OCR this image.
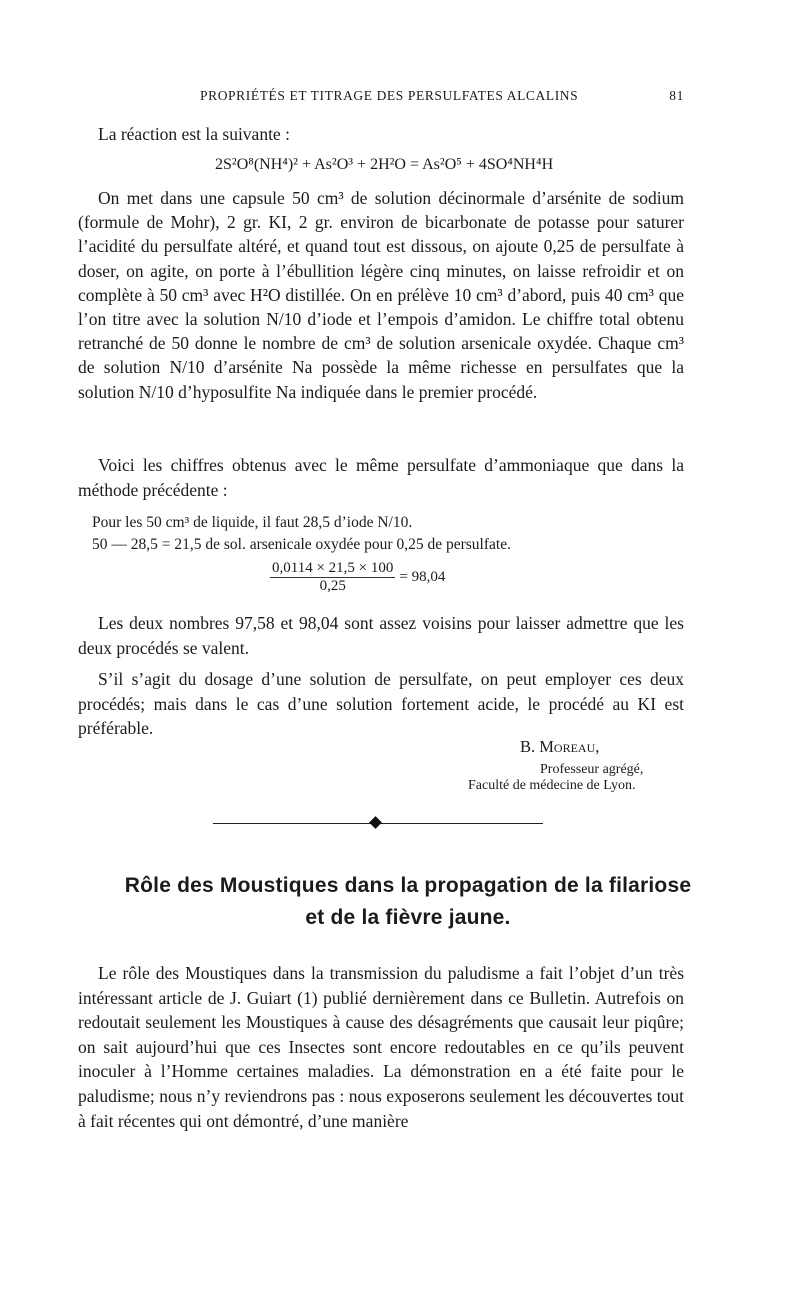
PROPRIÉTÉS ET TITRAGE DES PERSULFATES ALCALINS	81

La réaction est la suivante :

2S²O⁸(NH⁴)² + As²O³ + 2H²O = As²O⁵ + 4SO⁴NH⁴H

On met dans une capsule 50 cm³ de solution décinormale d’arsénite de sodium (formule de Mohr), 2 gr. KI, 2 gr. environ de bicarbonate de potasse pour saturer l’acidité du persulfate altéré, et quand tout est dissous, on ajoute 0,25 de persulfate à doser, on agite, on porte à l’ébullition légère cinq minutes, on laisse refroidir et on complète à 50 cm³ avec H²O distillée. On en prélève 10 cm³ d’abord, puis 40 cm³ que l’on titre avec la solution N/10 d’iode et l’empois d’amidon. Le chiffre total obtenu retranché de 50 donne le nombre de cm³ de solution arsenicale oxydée. Chaque cm³ de solution N/10 d’arsénite Na possède la même richesse en persulfates que la solution N/10 d’hyposulfite Na indiquée dans le premier procédé.

Voici les chiffres obtenus avec le même persulfate d’ammoniaque que dans la méthode précédente :

Pour les 50 cm³ de liquide, il faut 28,5 d’iode N/10.

50 — 28,5 = 21,5 de sol. arsenicale oxydée pour 0,25 de persulfate.

$\frac{0,0114 \times 21,5 \times 100}{0,25} = 98,04$

Les deux nombres 97,58 et 98,04 sont assez voisins pour laisser admettre que les deux procédés se valent.

S’il s’agit du dosage d’une solution de persulfate, on peut employer ces deux procédés; mais dans le cas d’une solution fortement acide, le procédé au KI est préférable.

B. Moreau,
Professeur agrégé,
Faculté de médecine de Lyon.
Rôle des Moustiques dans la propagation de la filariose
et de la fièvre jaune.

Le rôle des Moustiques dans la transmission du paludisme a fait l’objet d’un très intéressant article de J. Guiart (1) publié dernièrement dans ce Bulletin. Autrefois on redoutait seulement les Moustiques à cause des désagréments que causait leur piqûre; on sait aujourd’hui que ces Insectes sont encore redoutables en ce qu’ils peuvent inoculer à l’Homme certaines maladies. La démonstration en a été faite pour le paludisme; nous n’y reviendrons pas : nous exposerons seulement les découvertes tout à fait récentes qui ont démontré, d’une manière
